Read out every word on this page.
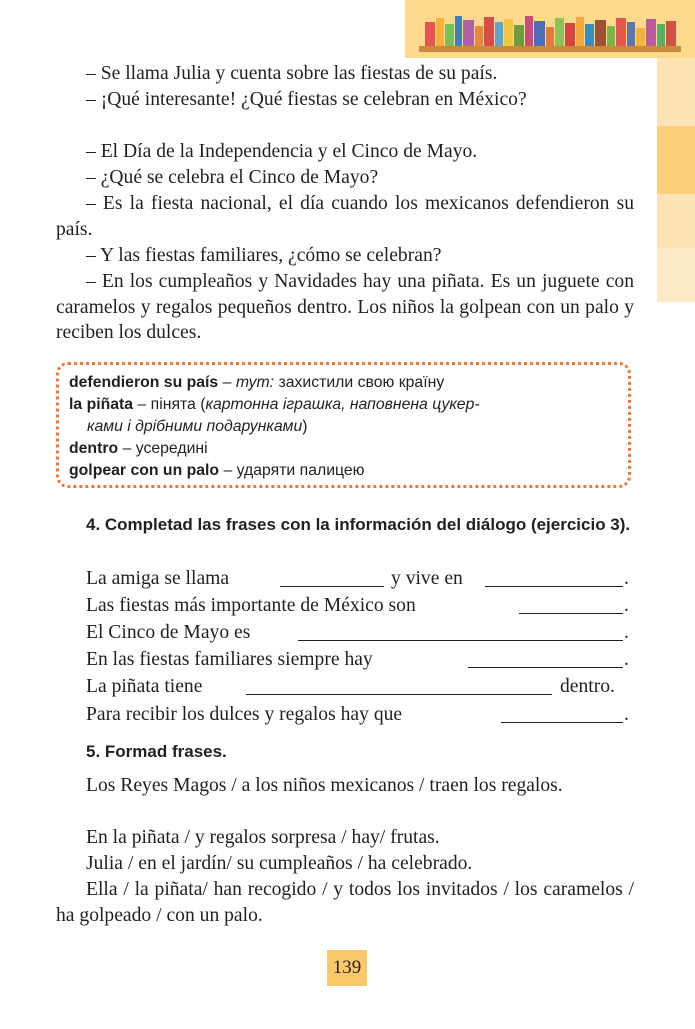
– Se llama Julia y cuenta sobre las fiestas de su país.
– ¡Qué interesante! ¿Qué fiestas se celebran en México?
– El Día de la Independencia y el Cinco de Mayo.
– ¿Qué se celebra el Cinco de Mayo?
– Es la fiesta nacional, el día cuando los mexicanos defendieron su país.
– Y las fiestas familiares, ¿cómo se celebran?
– En los cumpleaños y Navidades hay una piñata. Es un juguete con caramelos y regalos pequeños dentro. Los niños la golpean con un palo y reciben los dulces.
defendieron su país – тут: захистили свою країну
la piñata – пінята (картонна іграшка, наповнена цукер-
ками і дрібними подарунками)
dentro – усередині
golpear con un palo – ударяти палицею
4. Completad las frases con la información del diálogo (ejercicio 3).
La amiga se llama	y vive en	.
Las fiestas más importante de México son	.
El Cinco de Mayo es	.
En las fiestas familiares siempre hay	.
La piñata tiene	dentro.
Para recibir los dulces y regalos hay que	.
5. Formad frases.
Los Reyes Magos / a los niños mexicanos / traen los regalos.
En la piñata / y regalos sorpresa / hay/ frutas.
Julia / en el jardín/ su cumpleaños / ha celebrado.
Ella / la piñata/ han recogido / y todos los invitados / los caramelos / ha golpeado / con un palo.
139
